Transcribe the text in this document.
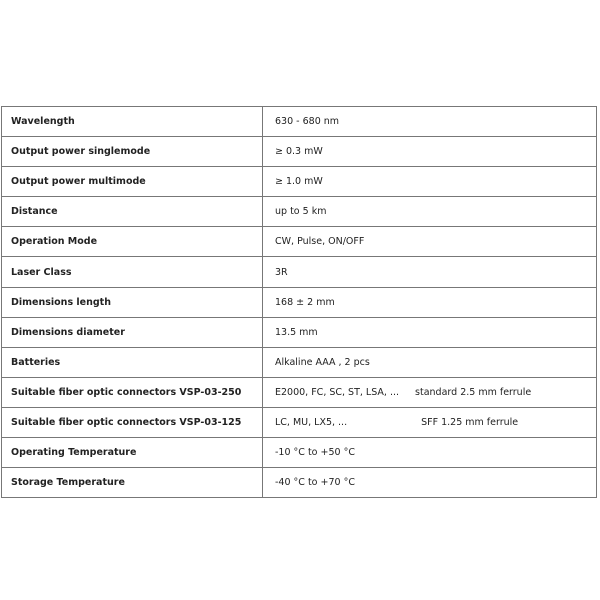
Wavelength	630 - 680 nm
Output power singlemode	≥ 0.3 mW
Output power multimode	≥ 1.0 mW
Distance	up to 5 km
Operation Mode	CW, Pulse, ON/OFF
Laser Class	3R
Dimensions length	168 ± 2 mm
Dimensions diameter	13.5 mm
Batteries	Alkaline AAA , 2 pcs
Suitable fiber optic connectors VSP-03-250	E2000, FC, SC, ST, LSA, ... standard 2.5 mm ferrule
Suitable fiber optic connectors VSP-03-125	LC, MU, LX5, ... SFF 1.25 mm ferrule
Operating Temperature	-10 °C to +50 °C
Storage Temperature	-40 °C to +70 °C
